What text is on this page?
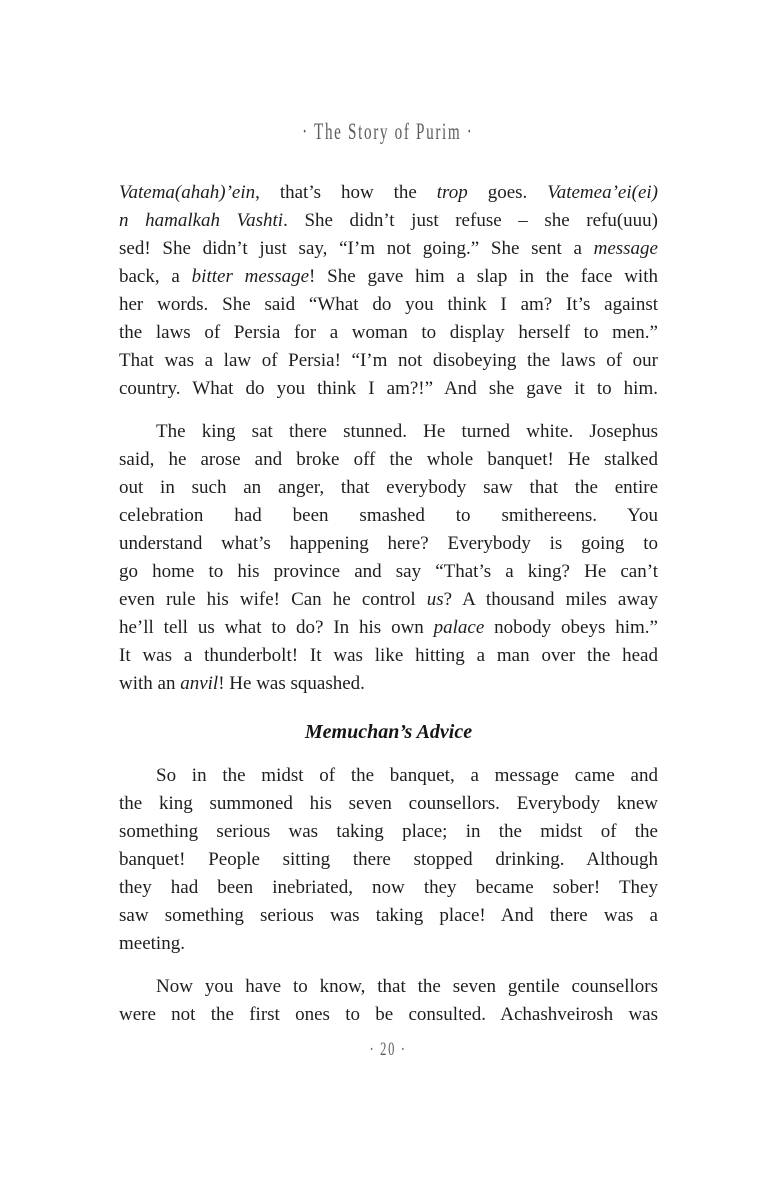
· The Story of Purim ·

Vatema(ahah)’ein, that’s how the trop goes. Vatemea’ei(ei)
n hamalkah Vashti. She didn’t just refuse – she refu(uuu)
sed! She didn’t just say, “I’m not going.” She sent a message
back, a bitter message! She gave him a slap in the face with
her words. She said “What do you think I am? It’s against
the laws of Persia for a woman to display herself to men.”
That was a law of Persia! “I’m not disobeying the laws of our
country. What do you think I am?!” And she gave it to him.

The king sat there stunned. He turned white. Josephus
said, he arose and broke off the whole banquet! He stalked
out in such an anger, that everybody saw that the entire
celebration had been smashed to smithereens. You
understand what’s happening here? Everybody is going to
go home to his province and say “That’s a king? He can’t
even rule his wife! Can he control us? A thousand miles away
he’ll tell us what to do? In his own palace nobody obeys him.”
It was a thunderbolt! It was like hitting a man over the head
with an anvil! He was squashed.

Memuchan’s Advice

So in the midst of the banquet, a message came and
the king summoned his seven counsellors. Everybody knew
something serious was taking place; in the midst of the
banquet! People sitting there stopped drinking. Although
they had been inebriated, now they became sober! They
saw something serious was taking place! And there was a
meeting.

Now you have to know, that the seven gentile counsellors
were not the first ones to be consulted. Achashveirosh was

· 20 ·
